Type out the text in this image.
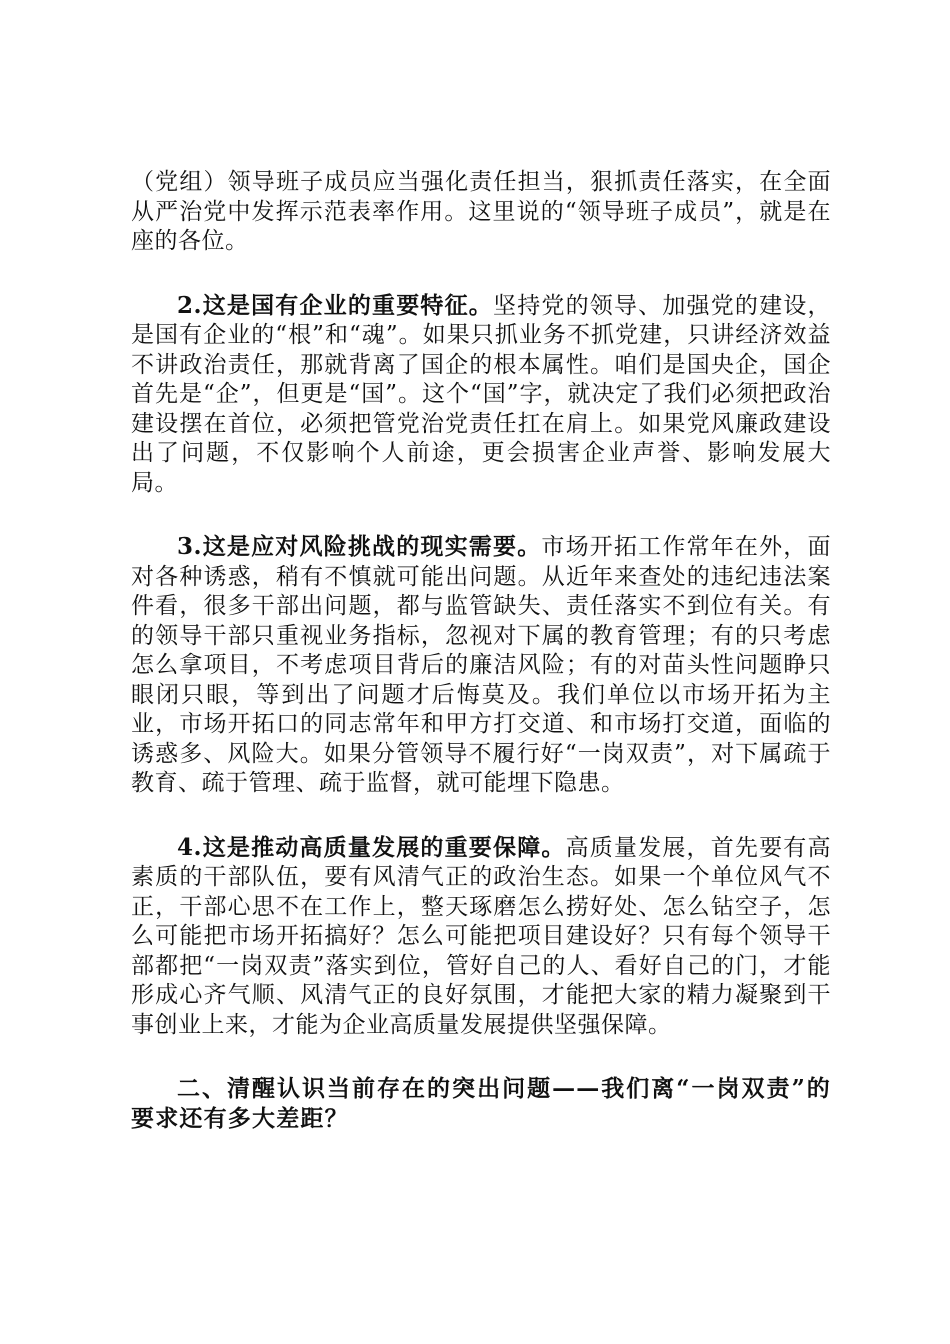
（党组）领导班子成员应当强化责任担当，狠抓责任落实，在全面从严治党中发挥示范表率作用。这里说的“领导班子成员”，就是在座的各位。

2.这是国有企业的重要特征。坚持党的领导、加强党的建设，是国有企业的“根”和“魂”。如果只抓业务不抓党建，只讲经济效益不讲政治责任，那就背离了国企的根本属性。咱们是国央企，国企首先是“企”，但更是“国”。这个“国”字，就决定了我们必须把政治建设摆在首位，必须把管党治党责任扛在肩上。如果党风廉政建设出了问题，不仅影响个人前途，更会损害企业声誉、影响发展大局。

3.这是应对风险挑战的现实需要。市场开拓工作常年在外，面对各种诱惑，稍有不慎就可能出问题。从近年来查处的违纪违法案件看，很多干部出问题，都与监管缺失、责任落实不到位有关。有的领导干部只重视业务指标，忽视对下属的教育管理；有的只考虑怎么拿项目，不考虑项目背后的廉洁风险；有的对苗头性问题睁只眼闭只眼，等到出了问题才后悔莫及。我们单位以市场开拓为主业，市场开拓口的同志常年和甲方打交道、和市场打交道，面临的诱惑多、风险大。如果分管领导不履行好“一岗双责”，对下属疏于教育、疏于管理、疏于监督，就可能埋下隐患。

4.这是推动高质量发展的重要保障。高质量发展，首先要有高素质的干部队伍，要有风清气正的政治生态。如果一个单位风气不正，干部心思不在工作上，整天琢磨怎么捞好处、怎么钻空子，怎么可能把市场开拓搞好？怎么可能把项目建设好？只有每个领导干部都把“一岗双责”落实到位，管好自己的人、看好自己的门，才能形成心齐气顺、风清气正的良好氛围，才能把大家的精力凝聚到干事创业上来，才能为企业高质量发展提供坚强保障。

二、清醒认识当前存在的突出问题——我们离“一岗双责”的要求还有多大差距？
